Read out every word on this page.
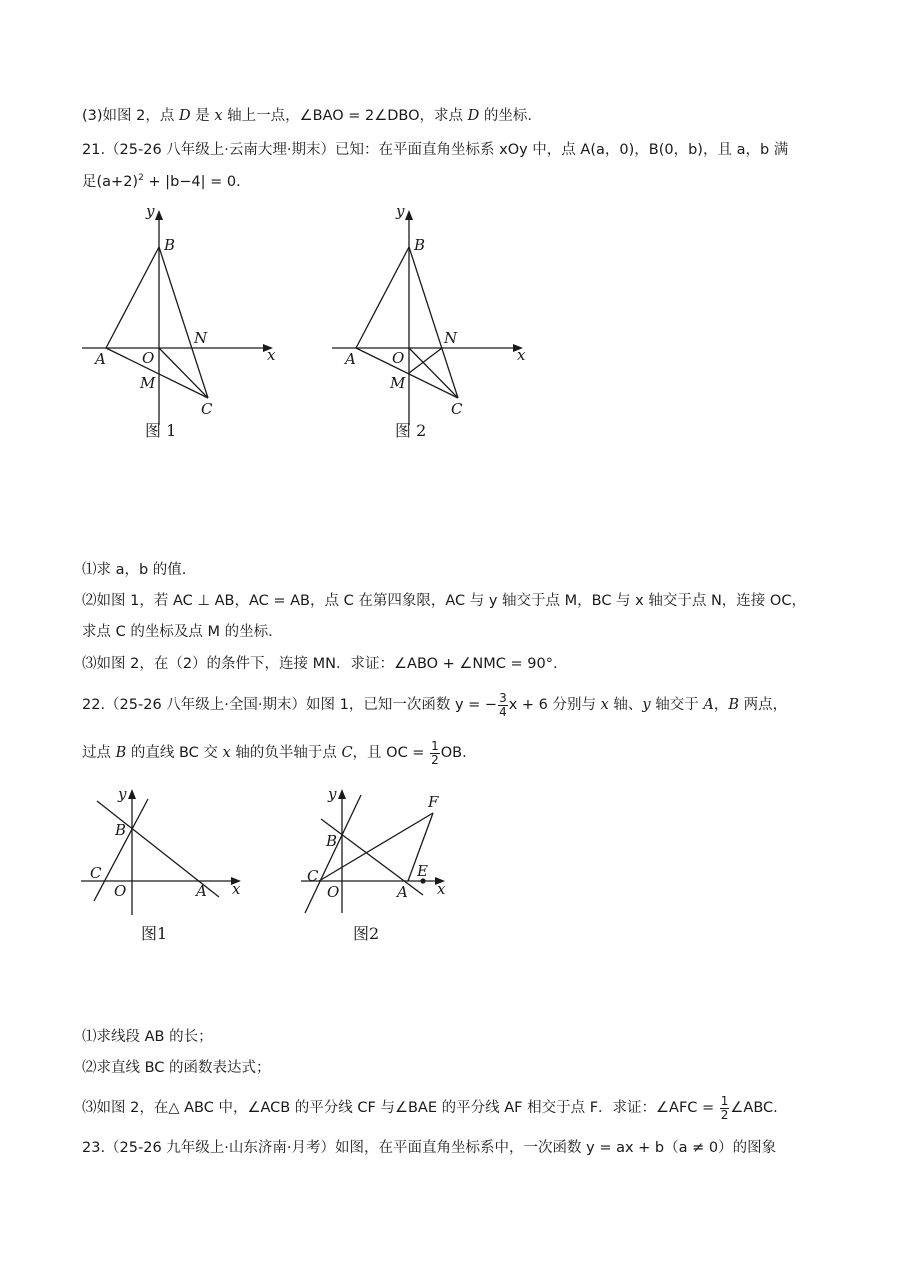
(3)如图 2，点 D 是 x 轴上一点，∠BAO = 2∠DBO，求点 D 的坐标.
21.（25-26 八年级上·云南大理·期末）已知：在平面直角坐标系 xOy 中，点 A(a，0)，B(0，b)，且 a，b 满
足$(a+2)^2 + |b-4| = 0$.
y
B
N
x
A O
M
C
图 1
y
B
N
x
A O
M
C
图 2
⑴求 a，b 的值.
⑵如图 1，若 AC ⊥ AB，AC = AB，点 C 在第四象限，AC 与 y 轴交于点 M，BC 与 x 轴交于点 N，连接 OC，
求点 C 的坐标及点 M 的坐标.
⑶如图 2，在（2）的条件下，连接 MN．求证：∠ABO + ∠NMC = 90°.
22.（25-26 八年级上·全国·期末）如图 1，已知一次函数 y = − $\frac{3}{4}$ x + 6 分别与 x 轴、y 轴交于 A，B 两点，
过点 B 的直线 BC 交 x 轴的负半轴于点 C，且 OC = $\frac{1}{2}$ OB.
y
B
C
O	A x
图1
y	F
B
E
C
O	A x
图2
⑴求线段 AB 的长；
⑵求直线 BC 的函数表达式；
⑶如图 2，在△ ABC 中，∠ACB 的平分线 CF 与∠BAE 的平分线 AF 相交于点 F．求证：∠AFC = $\frac{1}{2}$ ∠ABC.
23.（25-26 九年级上·山东济南·月考）如图，在平面直角坐标系中，一次函数 y = ax + b（a ≠ 0）的图象
